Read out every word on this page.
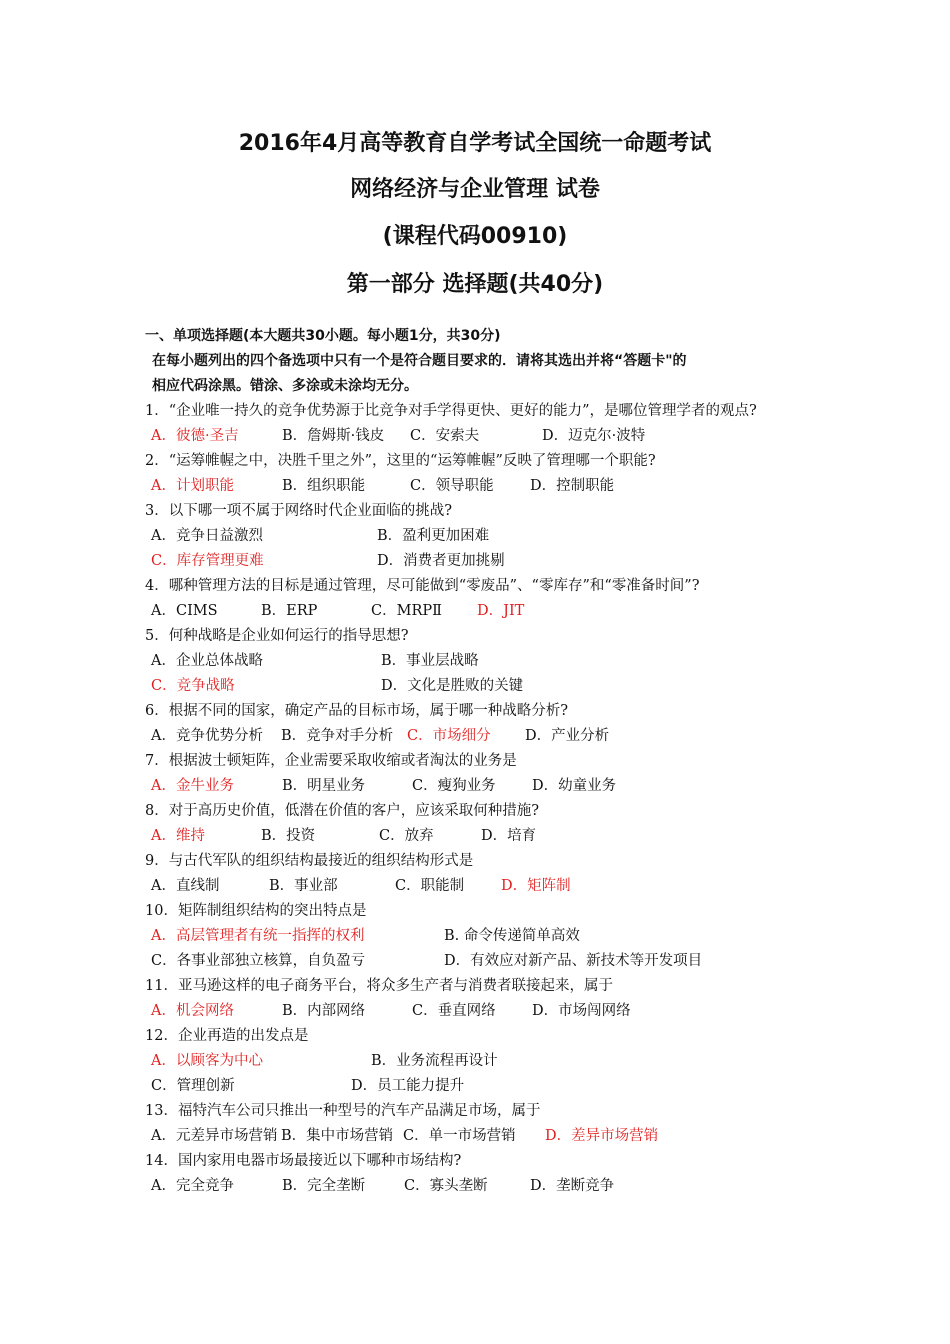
2016年4月高等教育自学考试全国统一命题考试
网络经济与企业管理 试卷
(课程代码00910)
第一部分 选择题(共40分)
一、单项选择题(本大题共30小题。每小题1分，共30分)
在每小题列出的四个备选项中只有一个是符合题目要求的．请将其选出并将“答题卡"的
相应代码涂黑。错涂、多涂或未涂均无分。
1．“企业唯一持久的竞争优势源于比竞争对手学得更快、更好的能力”，是哪位管理学者的观点?
A．彼德·圣吉	B．詹姆斯·钱皮	C．安索夫	D．迈克尔·波特
2．“运筹帷幄之中，决胜千里之外”，这里的“运筹帷幄”反映了管理哪一个职能?
A．计划职能	B．组织职能	C．领导职能	D．控制职能
3．以下哪一项不属于网络时代企业面临的挑战?
A．竞争日益激烈	B．盈利更加困难
C．库存管理更难	D．消费者更加挑剔
4．哪种管理方法的目标是通过管理，尽可能做到“零废品”、“零库存”和“零准备时间”?
A．CIMS	B．ERP	C．MRPⅡ	D．JIT
5．何种战略是企业如何运行的指导思想?
A．企业总体战略	B．事业层战略
C．竞争战略	D．文化是胜败的关键
6．根据不同的国家，确定产品的目标市场，属于哪一种战略分析?
A．竞争优势分析	B．竞争对手分析 C．市场细分	D．产业分析
7．根据波士顿矩阵，企业需要采取收缩或者淘汰的业务是
A．金牛业务	B．明星业务	C．瘦狗业务	D．幼童业务
8．对于高历史价值，低潜在价值的客户，应该采取何种措施?
A．维持	B．投资	C．放弃	D．培育
9．与古代军队的组织结构最接近的组织结构形式是
A．直线制	B．事业部	C．职能制	D．矩阵制
10．矩阵制组织结构的突出特点是
A．高层管理者有统一指挥的权利	B. 命令传递简单高效
C．各事业部独立核算，自负盈亏	D．有效应对新产品、新技术等开发项目
11．亚马逊这样的电子商务平台，将众多生产者与消费者联接起来，属于
A．机会网络	B．内部网络	C．垂直网络	D．市场闯网络
12．企业再造的出发点是
A．以顾客为中心	B．业务流程再设计
C．管理创新	D．员工能力提升
13．福特汽车公司只推出一种型号的汽车产品满足市场，属于
A．元差异市场营销 B．集中市场营销 C．单一市场营销	D．差异市场营销
14．国内家用电器市场最接近以下哪种市场结构?
A．完全竞争	B．完全垄断	C．寡头垄断	D．垄断竞争
